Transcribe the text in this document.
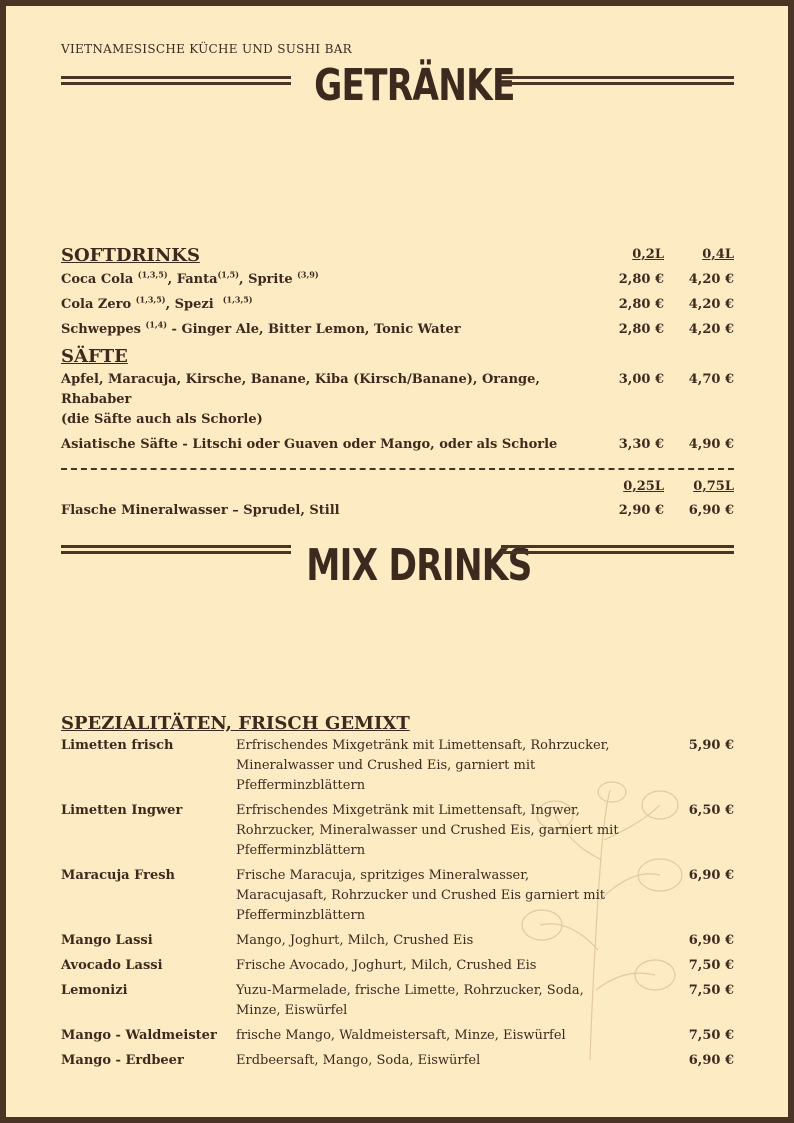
VIETNAMESISCHE KÜCHE UND SUSHI BAR
GETRÄNKE
SOFTDRINKS	0,2L	0,4L
Coca Cola $^{(1,3,5)}$, Fanta$^{(1,5)}$, Sprite $^{(3,9)}$	2,80 €	4,20 €
Cola Zero $^{(1,3,5)}$, Spezi $^{(1,3,5)}$	2,80 €	4,20 €
Schweppes $^{(1,4)}$ - Ginger Ale, Bitter Lemon, Tonic Water	2,80 €	4,20 €
SÄFTE
Apfel, Maracuja, Kirsche, Banane, Kiba (Kirsch/Banane), Orange,
Rhababer
(die Säfte auch als Schorle)
3,00 €	4,70 €
Asiatische Säfte - Litschi oder Guaven oder Mango, oder als Schorle	3,30 €	4,90 €
0,25L	0,75L
Flasche Mineralwasser – Sprudel, Still	2,90 €	6,90 €
MIX DRINKS
SPEZIALITÄTEN, FRISCH GEMIXT
Limetten frisch	Erfrischendes Mixgetränk mit Limettensaft, Rohrzucker,
Mineralwasser und Crushed Eis, garniert mit
Pfefferminzblättern
5,90 €
Limetten Ingwer	Erfrischendes Mixgetränk mit Limettensaft, Ingwer,
Rohrzucker, Mineralwasser und Crushed Eis, garniert mit
Pfefferminzblättern
6,50 €
Maracuja Fresh	Frische Maracuja, spritziges Mineralwasser,
Maracujasaft, Rohrzucker und Crushed Eis garniert mit
Pfefferminzblättern
6,90 €
Mango Lassi	Mango, Joghurt, Milch, Crushed Eis	6,90 €
Avocado Lassi	Frische Avocado, Joghurt, Milch, Crushed Eis	7,50 €
Lemonizi	Yuzu-Marmelade, frische Limette, Rohrzucker, Soda,
Minze, Eiswürfel
7,50 €
Mango - Waldmeister	frische Mango, Waldmeistersaft, Minze, Eiswürfel	7,50 €
Mango - Erdbeer	Erdbeersaft, Mango, Soda, Eiswürfel	6,90 €
